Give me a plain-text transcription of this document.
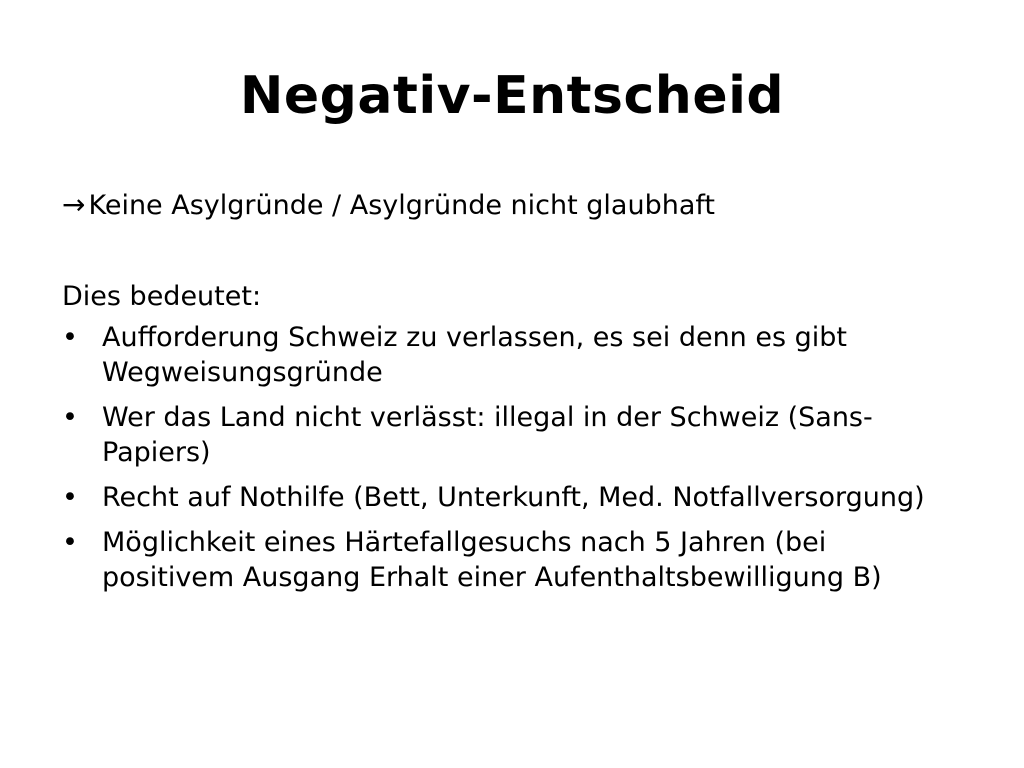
Negativ-Entscheid
→ Keine Asylgründe / Asylgründe nicht glaubhaft
Dies bedeutet:
• Aufforderung Schweiz zu verlassen, es sei denn es gibt Wegweisungsgründe
• Wer das Land nicht verlässt: illegal in der Schweiz (Sans-Papiers)
• Recht auf Nothilfe (Bett, Unterkunft, Med. Notfallversorgung)
• Möglichkeit eines Härtefallgesuchs nach 5 Jahren (bei positivem Ausgang Erhalt einer Aufenthaltsbewilligung B)
